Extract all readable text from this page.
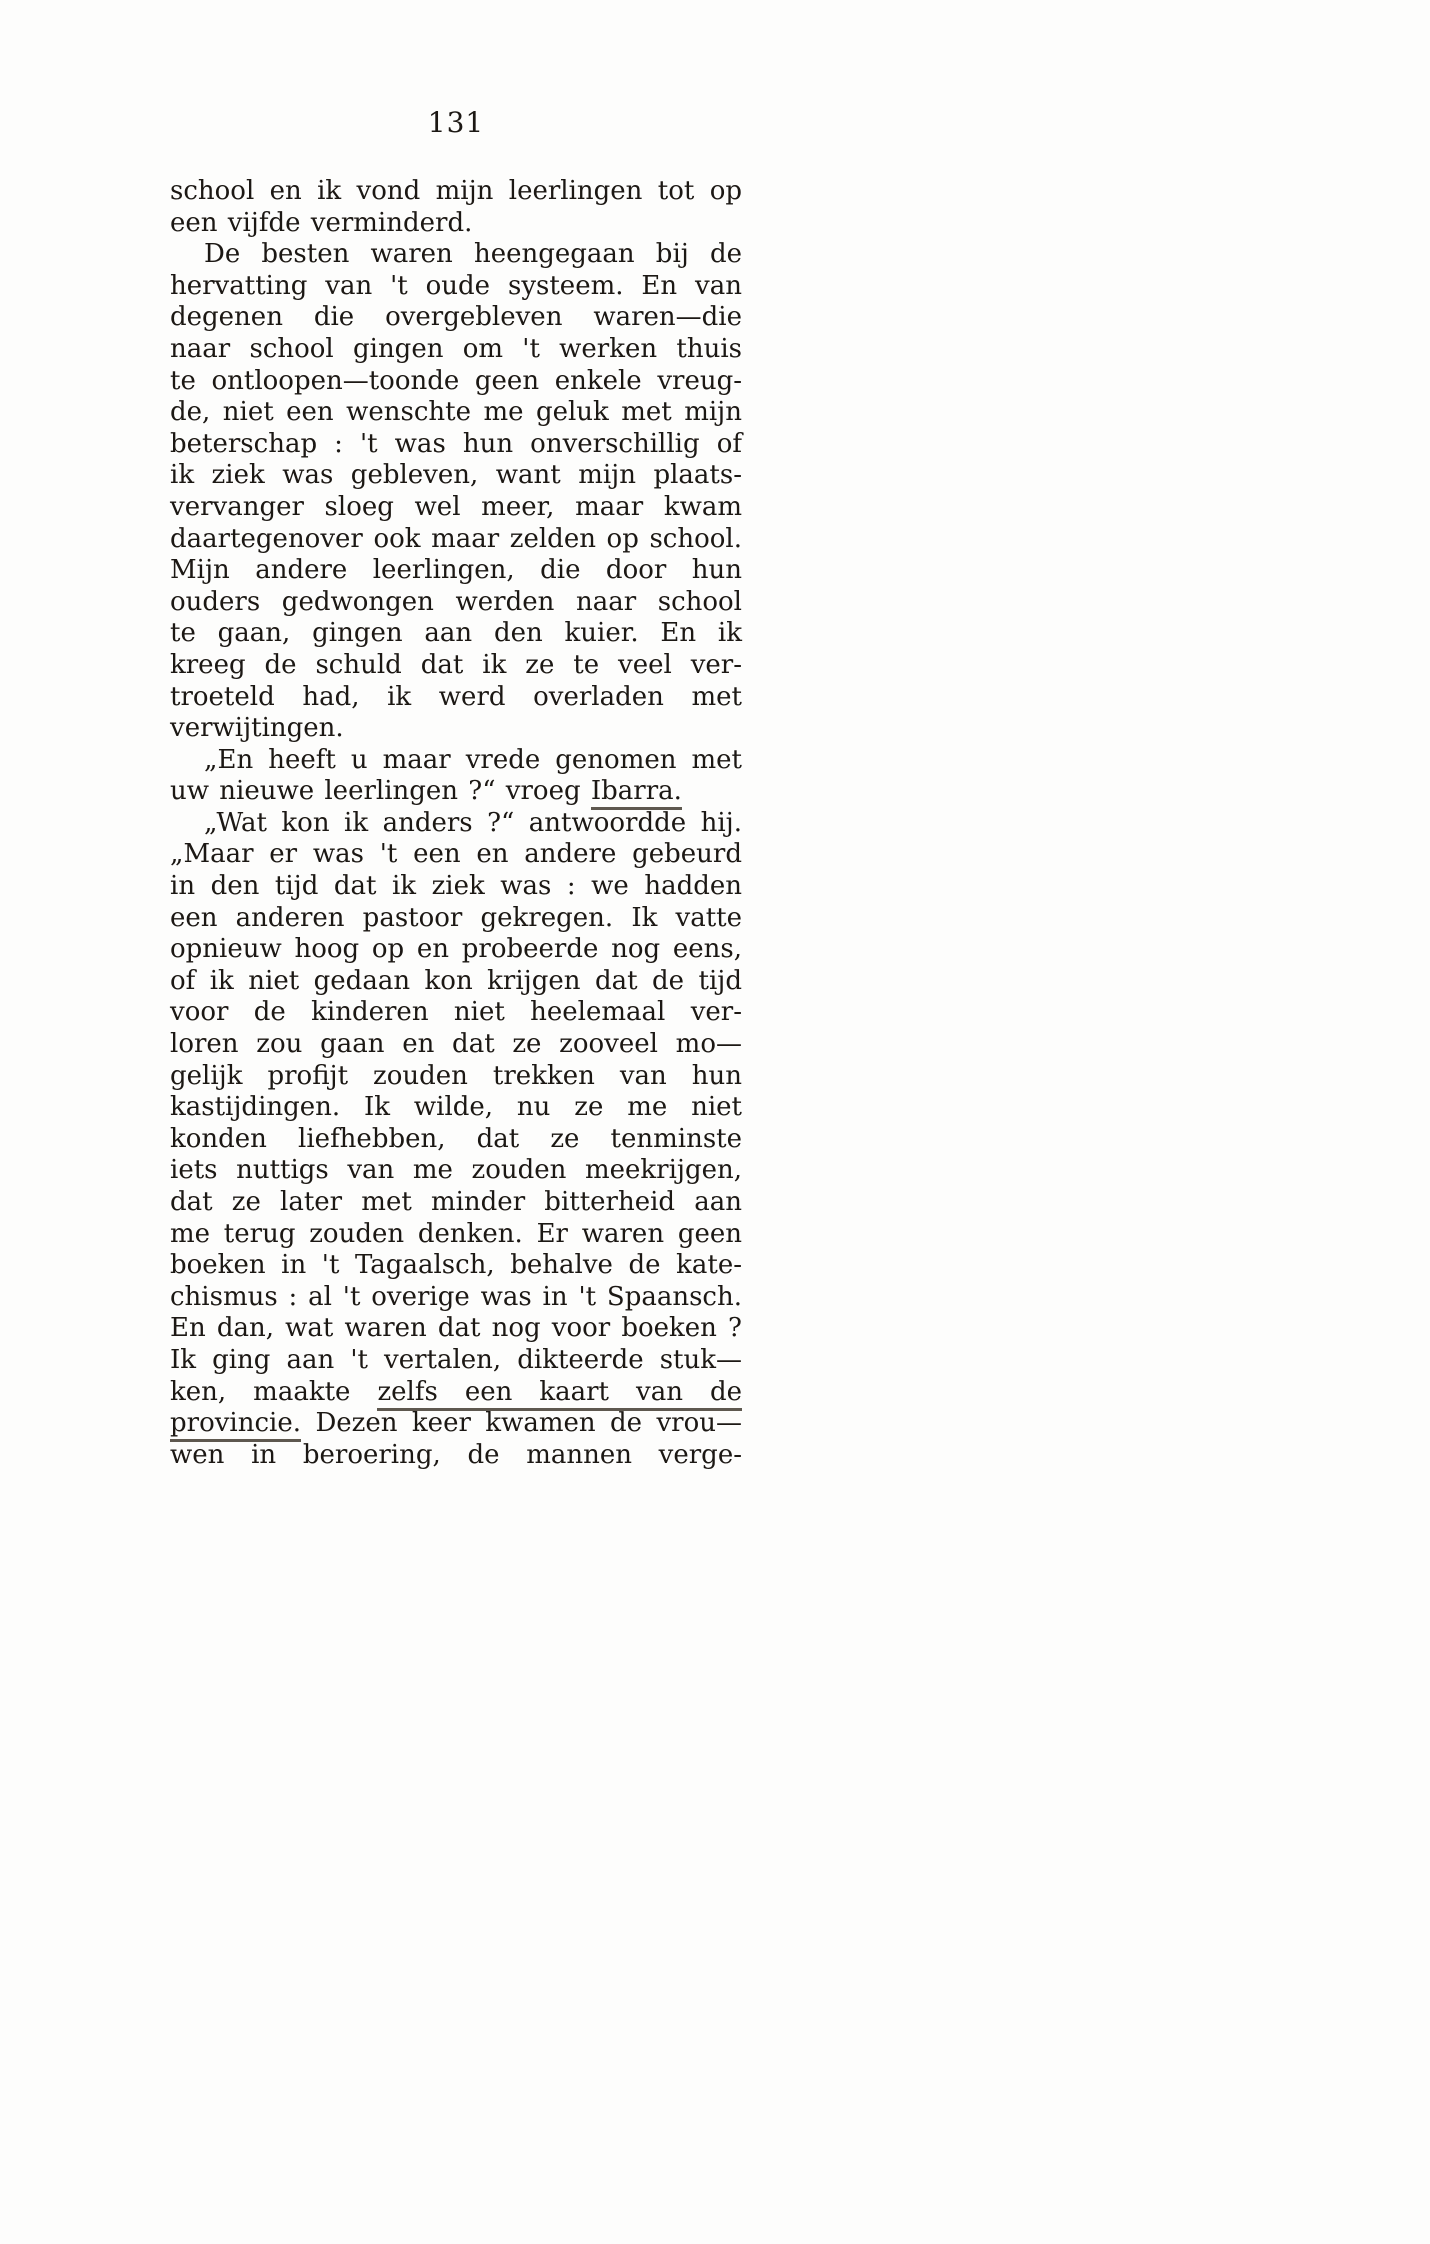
131
school en ik vond mijn leerlingen tot op
een vijfde verminderd.
De besten waren heengegaan bij de
hervatting van 't oude systeem. En van
degenen die overgebleven waren—die
naar school gingen om 't werken thuis
te ontloopen—toonde geen enkele vreug-
de, niet een wenschte me geluk met mijn
beterschap : 't was hun onverschillig of
ik ziek was gebleven, want mijn plaats-
vervanger sloeg wel meer, maar kwam
daartegenover ook maar zelden op school.
Mijn andere leerlingen, die door hun
ouders gedwongen werden naar school
te gaan, gingen aan den kuier. En ik
kreeg de schuld dat ik ze te veel ver-
troeteld had, ik werd overladen met
verwijtingen.
„En heeft u maar vrede genomen met
uw nieuwe leerlingen ?“ vroeg Ibarra.
„Wat kon ik anders ?“ antwoordde hij.
„Maar er was 't een en andere gebeurd
in den tijd dat ik ziek was : we hadden
een anderen pastoor gekregen. Ik vatte
opnieuw hoog op en probeerde nog eens,
of ik niet gedaan kon krijgen dat de tijd
voor de kinderen niet heelemaal ver-
loren zou gaan en dat ze zooveel mo—
gelijk profijt zouden trekken van hun
kastijdingen. Ik wilde, nu ze me niet
konden liefhebben, dat ze tenminste
iets nuttigs van me zouden meekrijgen,
dat ze later met minder bitterheid aan
me terug zouden denken. Er waren geen
boeken in 't Tagaalsch, behalve de kate-
chismus : al 't overige was in 't Spaansch.
En dan, wat waren dat nog voor boeken ?
Ik ging aan 't vertalen, dikteerde stuk—
ken, maakte zelfs een kaart van de
provincie. Dezen keer kwamen de vrou—
wen in beroering, de mannen verge-
